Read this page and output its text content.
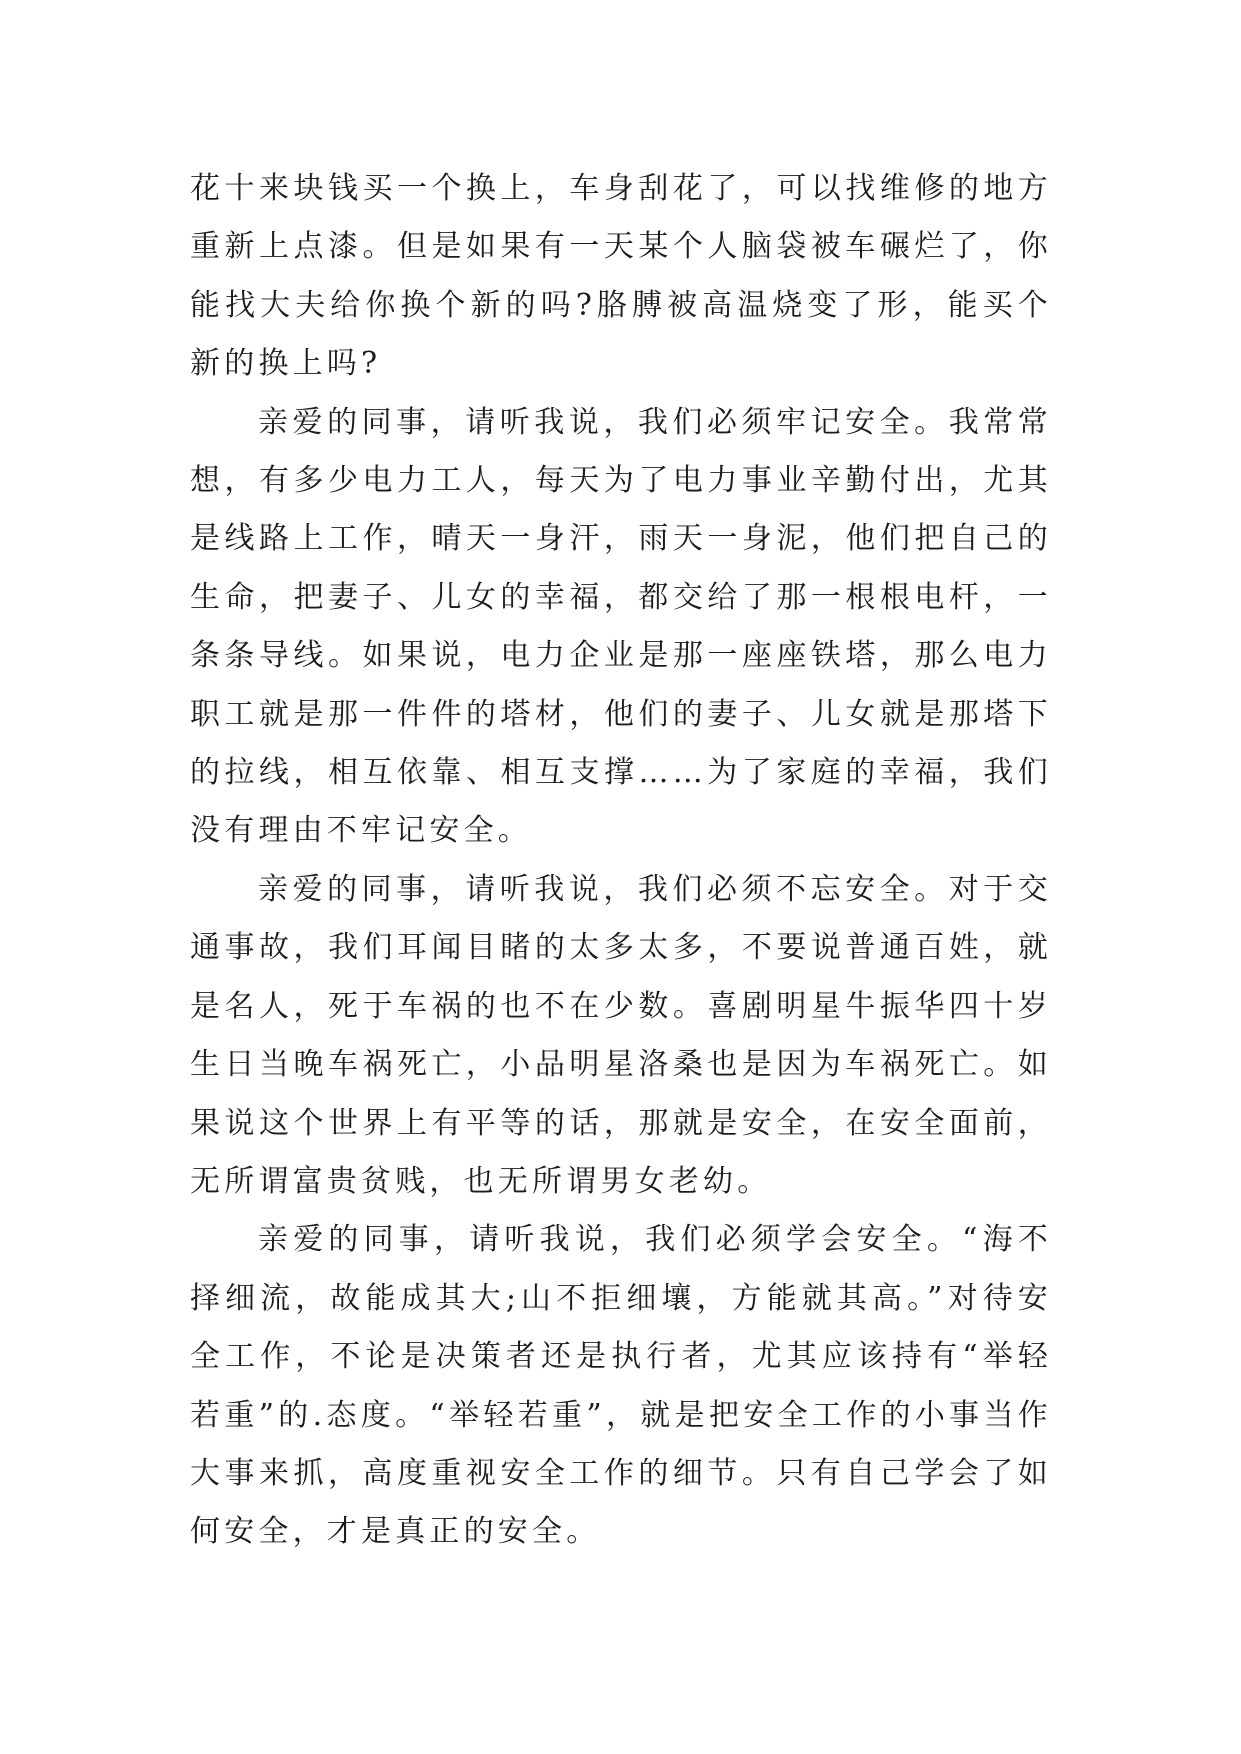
花十来块钱买一个换上，车身刮花了，可以找维修的地方重新上点漆。但是如果有一天某个人脑袋被车碾烂了，你能找大夫给你换个新的吗?胳膊被高温烧变了形，能买个新的换上吗?

亲爱的同事，请听我说，我们必须牢记安全。我常常想，有多少电力工人，每天为了电力事业辛勤付出，尤其是线路上工作，晴天一身汗，雨天一身泥，他们把自己的生命，把妻子、儿女的幸福，都交给了那一根根电杆，一条条导线。如果说，电力企业是那一座座铁塔，那么电力职工就是那一件件的塔材，他们的妻子、儿女就是那塔下的拉线，相互依靠、相互支撑……为了家庭的幸福，我们没有理由不牢记安全。

亲爱的同事，请听我说，我们必须不忘安全。对于交通事故，我们耳闻目睹的太多太多，不要说普通百姓，就是名人，死于车祸的也不在少数。喜剧明星牛振华四十岁生日当晚车祸死亡，小品明星洛桑也是因为车祸死亡。如果说这个世界上有平等的话，那就是安全，在安全面前，无所谓富贵贫贱，也无所谓男女老幼。

亲爱的同事，请听我说，我们必须学会安全。“海不择细流，故能成其大;山不拒细壤，方能就其高。”对待安全工作，不论是决策者还是执行者，尤其应该持有“举轻若重”的.态度。“举轻若重”，就是把安全工作的小事当作大事来抓，高度重视安全工作的细节。只有自己学会了如何安全，才是真正的安全。
